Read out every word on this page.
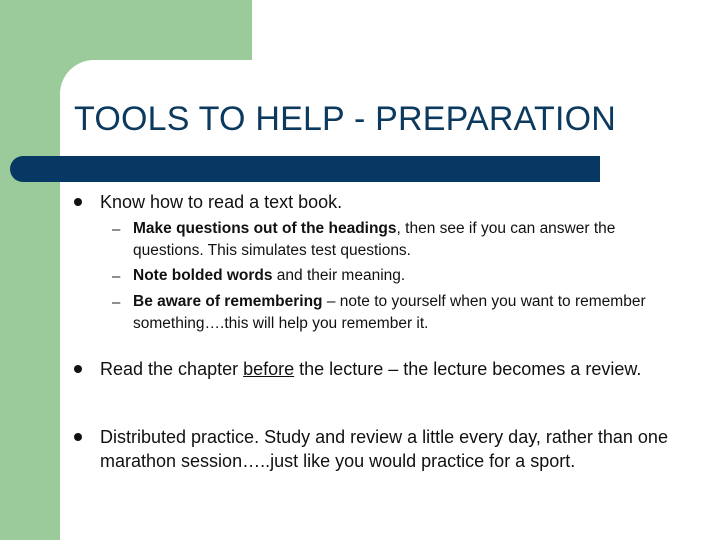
TOOLS TO HELP - PREPARATION
Know how to read a text book.
– Make questions out of the headings, then see if you can answer the questions. This simulates test questions.
– Note bolded words and their meaning.
– Be aware of remembering – note to yourself when you want to remember something….this will help you remember it.
Read the chapter before the lecture – the lecture becomes a review.
Distributed practice. Study and review a little every day, rather than one marathon session…..just like you would practice for a sport.
